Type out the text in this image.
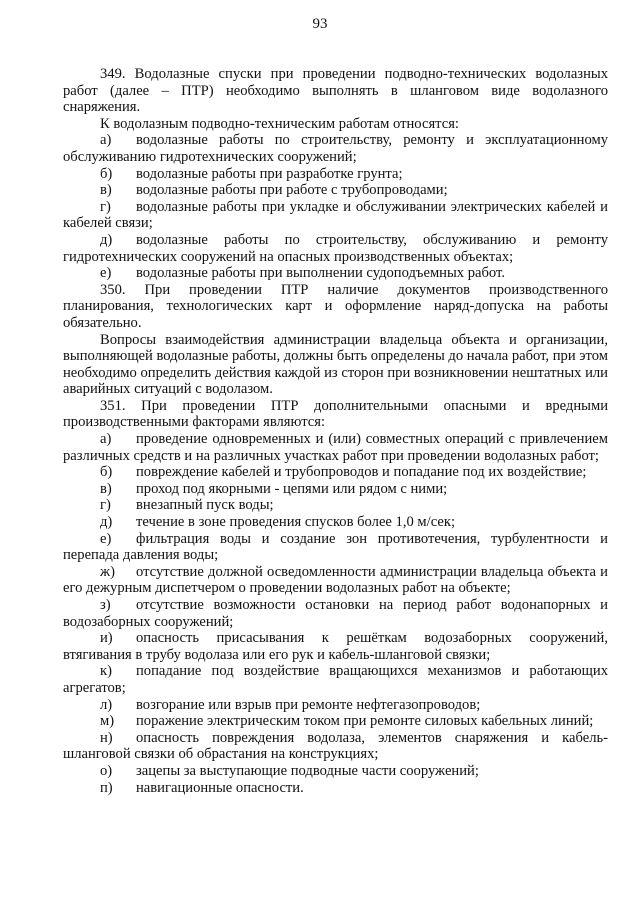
93

349. Водолазные спуски при проведении подводно-технических водолазных работ (далее – ПТР) необходимо выполнять в шланговом виде водолазного снаряжения.

К водолазным подводно-техническим работам относятся:

а) водолазные работы по строительству, ремонту и эксплуатационному обслуживанию гидротехнических сооружений;

б) водолазные работы при разработке грунта;

в) водолазные работы при работе с трубопроводами;

г) водолазные работы при укладке и обслуживании электрических кабелей и кабелей связи;

д) водолазные работы по строительству, обслуживанию и ремонту гидротехнических сооружений на опасных производственных объектах;

е) водолазные работы при выполнении судоподъемных работ.

350. При проведении ПТР наличие документов производственного планирования, технологических карт и оформление наряд-допуска на работы обязательно.

Вопросы взаимодействия администрации владельца объекта и организации, выполняющей водолазные работы, должны быть определены до начала работ, при этом необходимо определить действия каждой из сторон при возникновении нештатных или аварийных ситуаций с водолазом.

351. При проведении ПТР дополнительными опасными и вредными производственными факторами являются:

а) проведение одновременных и (или) совместных операций с привлечением различных средств и на различных участках работ при проведении водолазных работ;

б) повреждение кабелей и трубопроводов и попадание под их воздействие;

в) проход под якорными - цепями или рядом с ними;

г) внезапный пуск воды;

д) течение в зоне проведения спусков более 1,0 м/сек;

е) фильтрация воды и создание зон противотечения, турбулентности и перепада давления воды;

ж) отсутствие должной осведомленности администрации владельца объекта и его дежурным диспетчером о проведении водолазных работ на объекте;

з) отсутствие возможности остановки на период работ водонапорных и водозаборных сооружений;

и) опасность присасывания к решёткам водозаборных сооружений, втягивания в трубу водолаза или его рук и кабель-шланговой связки;

к) попадание под воздействие вращающихся механизмов и работающих агрегатов;

л) возгорание или взрыв при ремонте нефтегазопроводов;

м) поражение электрическим током при ремонте силовых кабельных линий;

н) опасность повреждения водолаза, элементов снаряжения и кабель-шланговой связки об обрастания на конструкциях;

о) зацепы за выступающие подводные части сооружений;

п) навигационные опасности.
